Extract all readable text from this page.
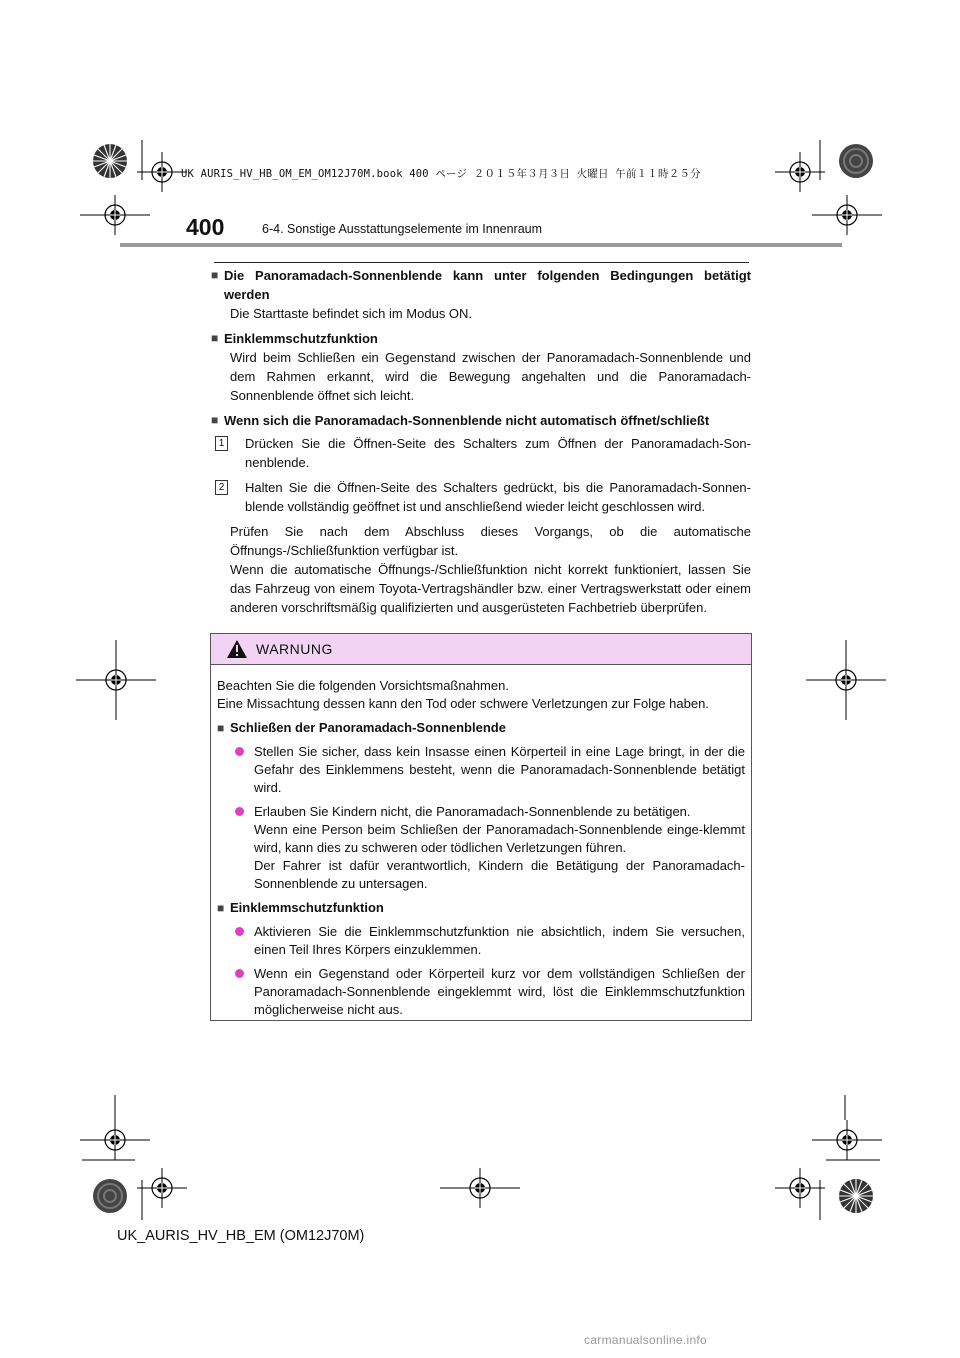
UK AURIS_HV_HB_OM_EM_OM12J70M.book 400 ページ ２０１５年３月３日 火曜日 午前１１時２５分
400	6-4. Sonstige Ausstattungselemente im Innenraum
■ Die Panoramadach-Sonnenblende kann unter folgenden Bedingungen betätigt werden

Die Starttaste befindet sich im Modus ON.

■ Einklemmschutzfunktion

Wird beim Schließen ein Gegenstand zwischen der Panoramadach-Sonnenblende und dem Rahmen erkannt, wird die Bewegung angehalten und die Panoramadach-Sonnenblende öffnet sich leicht.

■ Wenn sich die Panoramadach-Sonnenblende nicht automatisch öffnet/schließt
1 Drücken Sie die Öffnen-Seite des Schalters zum Öffnen der Panoramadach-Son-nenblende.
2 Halten Sie die Öffnen-Seite des Schalters gedrückt, bis die Panoramadach-Sonnen-blende vollständig geöffnet ist und anschließend wieder leicht geschlossen wird.

Prüfen Sie nach dem Abschluss dieses Vorgangs, ob die automatische Öffnungs-/Schließfunktion verfügbar ist.

Wenn die automatische Öffnungs-/Schließfunktion nicht korrekt funktioniert, lassen Sie das Fahrzeug von einem Toyota-Vertragshändler bzw. einer Vertragswerkstatt oder einem anderen vorschriftsmäßig qualifizierten und ausgerüsteten Fachbetrieb überprüfen.

WARNUNG
Beachten Sie die folgenden Vorsichtsmaßnahmen.
Eine Missachtung dessen kann den Tod oder schwere Verletzungen zur Folge haben.
■ Schließen der Panoramadach-Sonnenblende
Stellen Sie sicher, dass kein Insasse einen Körperteil in eine Lage bringt, in der die Gefahr des Einklemmens besteht, wenn die Panoramadach-Sonnenblende betätigt wird.
Erlauben Sie Kindern nicht, die Panoramadach-Sonnenblende zu betätigen.
Wenn eine Person beim Schließen der Panoramadach-Sonnenblende einge-klemmt wird, kann dies zu schweren oder tödlichen Verletzungen führen.
Der Fahrer ist dafür verantwortlich, Kindern die Betätigung der Panoramadach-Sonnenblende zu untersagen.
■ Einklemmschutzfunktion
Aktivieren Sie die Einklemmschutzfunktion nie absichtlich, indem Sie versuchen, einen Teil Ihres Körpers einzuklemmen.
Wenn ein Gegenstand oder Körperteil kurz vor dem vollständigen Schließen der Panoramadach-Sonnenblende eingeklemmt wird, löst die Einklemmschutzfunktion möglicherweise nicht aus.
UK_AURIS_HV_HB_EM (OM12J70M)
carmanualsonline.info
